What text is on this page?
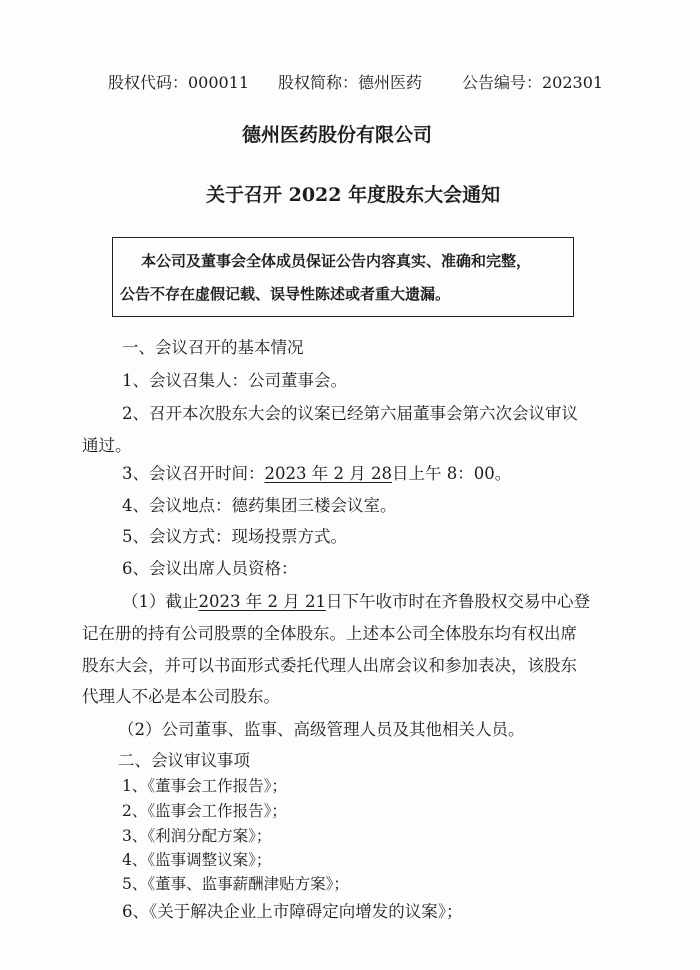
股权代码：000011 股权简称：德州医药 公告编号：202301
德州医药股份有限公司
关于召开 2022 年度股东大会通知
本公司及董事会全体成员保证公告内容真实、准确和完整，
公告不存在虚假记载、误导性陈述或者重大遗漏。
一、会议召开的基本情况
1、会议召集人：公司董事会。
2、召开本次股东大会的议案已经第六届董事会第六次会议审议
通过。
3、会议召开时间：2023 年 2 月 28日上午 8：00。
4、会议地点：德药集团三楼会议室。
5、会议方式：现场投票方式。
6、会议出席人员资格：
（1）截止2023 年 2 月 21日下午收市时在齐鲁股权交易中心登
记在册的持有公司股票的全体股东。上述本公司全体股东均有权出席
股东大会，并可以书面形式委托代理人出席会议和参加表决，该股东
代理人不必是本公司股东。
（2）公司董事、监事、高级管理人员及其他相关人员。
二、会议审议事项
1、《董事会工作报告》；
2、《监事会工作报告》；
3、《利润分配方案》；
4、《监事调整议案》；
5、《董事、监事薪酬津贴方案》；
6、《关于解决企业上市障碍定向增发的议案》；
